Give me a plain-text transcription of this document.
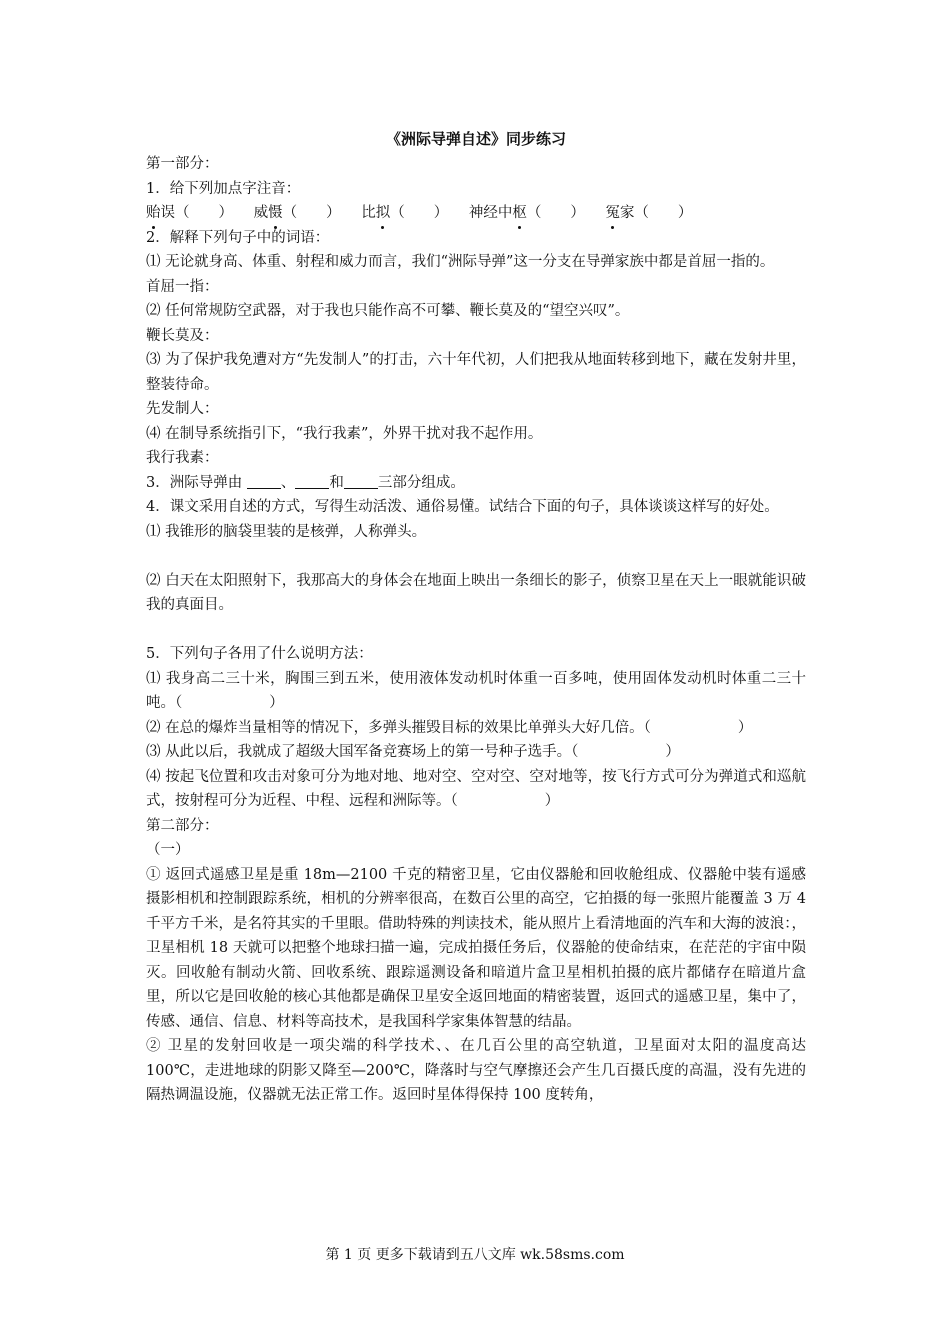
《洲际导弹自述》同步练习

第一部分：

1．给下列加点字注音：

贻误（　　） 威慑（　　） 比拟（　　） 神经中枢（　　） 冤家（　　）

2．解释下列句子中的词语：

⑴ 无论就身高、体重、射程和威力而言，我们“洲际导弹”这一分支在导弹家族中都是首屈一指的。

首屈一指：

⑵ 任何常规防空武器，对于我也只能作高不可攀、鞭长莫及的“望空兴叹”。

鞭长莫及：

⑶ 为了保护我免遭对方“先发制人”的打击，六十年代初，人们把我从地面转移到地下，藏在发射井里，整装待命。

先发制人：

⑷ 在制导系统指引下，“我行我素”，外界干扰对我不起作用。

我行我素：

3．洲际导弹由 、 和 三部分组成。

4．课文采用自述的方式，写得生动活泼、通俗易懂。试结合下面的句子，具体谈谈这样写的好处。

⑴ 我锥形的脑袋里装的是核弹，人称弹头。

⑵ 白天在太阳照射下，我那高大的身体会在地面上映出一条细长的影子，侦察卫星在天上一眼就能识破我的真面目。

5．下列句子各用了什么说明方法：

⑴ 我身高二三十米，胸围三到五米，使用液体发动机时体重一百多吨，使用固体发动机时体重二三十吨。（　　　　　　）

⑵ 在总的爆炸当量相等的情况下，多弹头摧毁目标的效果比单弹头大好几倍。（　　　　　　）

⑶ 从此以后，我就成了超级大国军备竞赛场上的第一号种子选手。（　　　　　　）

⑷ 按起飞位置和攻击对象可分为地对地、地对空、空对空、空对地等，按飞行方式可分为弹道式和巡航式，按射程可分为近程、中程、远程和洲际等。（　　　　　　）

第二部分：

（一）

① 返回式遥感卫星是重 18m—2100 千克的精密卫星，它由仪器舱和回收舱组成、仪器舱中装有遥感摄影相机和控制跟踪系统，相机的分辨率很高，在数百公里的高空，它拍摄的每一张照片能覆盖 3 万 4 千平方千米，是名符其实的千里眼。借助特殊的判读技术，能从照片上看清地面的汽车和大海的波浪：，卫星相机 18 天就可以把整个地球扫描一遍，完成拍摄任务后，仪器舱的使命结束，在茫茫的宇宙中陨灭。回收舱有制动火箭、回收系统、跟踪遥测设备和暗道片盒卫星相机拍摄的底片都储存在暗道片盒里，所以它是回收舱的核心其他都是确保卫星安全返回地面的精密装置，返回式的遥感卫星，集中了，传感、通信、信息、材料等高技术，是我国科学家集体智慧的结晶。

② 卫星的发射回收是一项尖端的科学技术、、在几百公里的高空轨道，卫星面对太阳的温度高达 100℃，走进地球的阴影又降至—200℃，降落时与空气摩擦还会产生几百摄氏度的高温，没有先进的隔热调温设施，仪器就无法正常工作。返回时星体得保持 100 度转角，

第 1 页 更多下载请到五八文库 wk.58sms.com
